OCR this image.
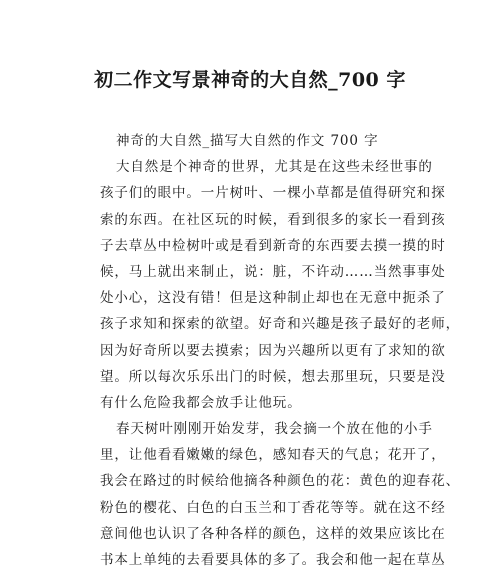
初二作文写景神奇的大自然_700 字
神奇的大自然_描写大自然的作文 700 字
大自然是个神奇的世界，尤其是在这些未经世事的
孩子们的眼中。一片树叶、一棵小草都是值得研究和探
索的东西。在社区玩的时候，看到很多的家长一看到孩
子去草丛中检树叶或是看到新奇的东西要去摸一摸的时
候，马上就出来制止，说：脏，不许动……当然事事处
处小心，这没有错！但是这种制止却也在无意中扼杀了
孩子求知和探索的欲望。好奇和兴趣是孩子最好的老师，
因为好奇所以要去摸索；因为兴趣所以更有了求知的欲
望。所以每次乐乐出门的时候，想去那里玩，只要是没
有什么危险我都会放手让他玩。
春天树叶刚刚开始发芽，我会摘一个放在他的小手
里，让他看看嫩嫩的绿色，感知春天的气息；花开了，
我会在路过的时候给他摘各种颜色的花：黄色的迎春花、
粉色的樱花、白色的白玉兰和丁香花等等。就在这不经
意间他也认识了各种各样的颜色，这样的效果应该比在
书本上单纯的去看要具体的多了。我会和他一起在草丛
